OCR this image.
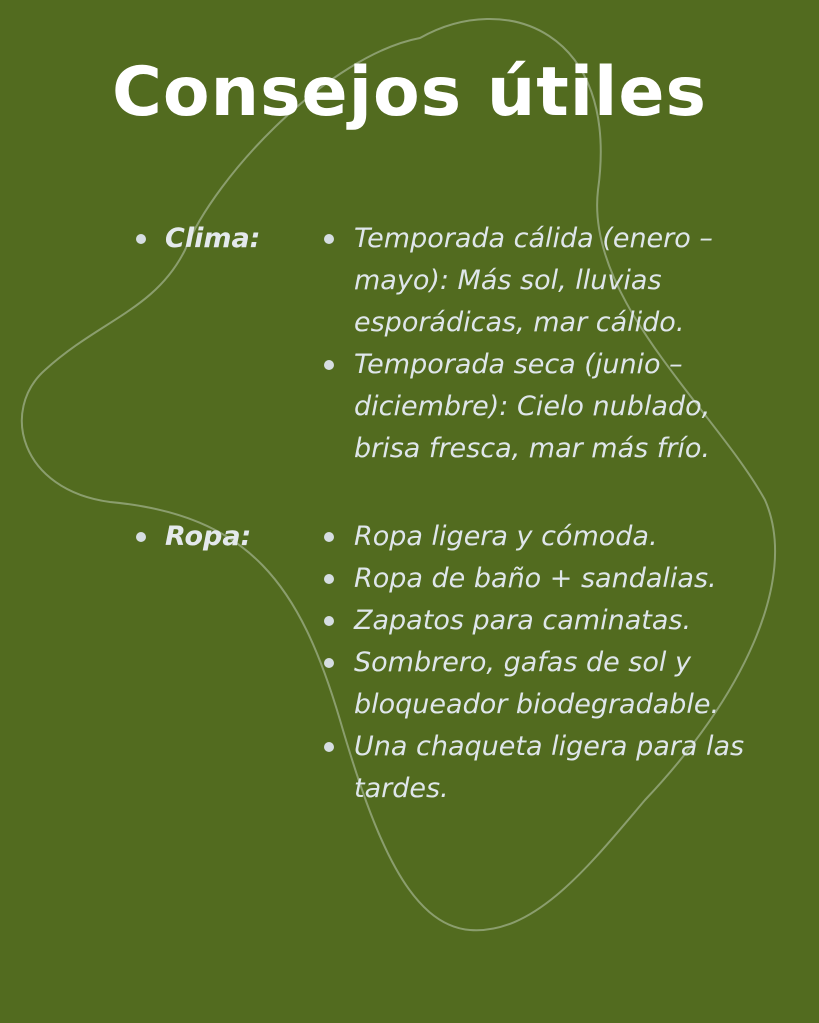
Consejos útiles
Clima:	Temporada cálida (enero – mayo): Más sol, lluvias esporádicas, mar cálido.
Temporada seca (junio – diciembre): Cielo nublado, brisa fresca, mar más frío.
Ropa:	Ropa ligera y cómoda.
Ropa de baño + sandalias.
Zapatos para caminatas.
Sombrero, gafas de sol y bloqueador biodegradable.
Una chaqueta ligera para las tardes.
